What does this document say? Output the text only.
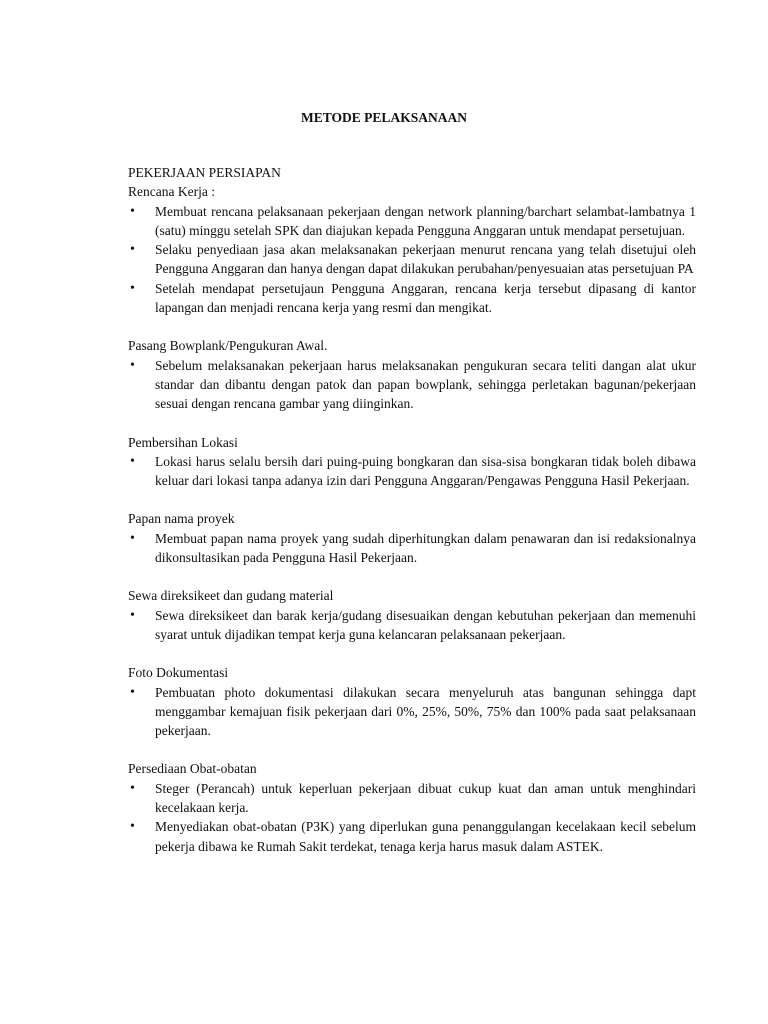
METODE PELAKSANAAN
PEKERJAAN PERSIAPAN
Rencana Kerja :
• Membuat rencana pelaksanaan pekerjaan dengan network planning/barchart selambat-lambatnya 1 (satu) minggu setelah SPK dan diajukan kepada Pengguna Anggaran untuk mendapat persetujuan.
• Selaku penyediaan jasa akan melaksanakan pekerjaan menurut rencana yang telah disetujui oleh Pengguna Anggaran dan hanya dengan dapat dilakukan perubahan/penyesuaian atas persetujuan PA
• Setelah mendapat persetujaun Pengguna Anggaran, rencana kerja tersebut dipasang di kantor lapangan dan menjadi rencana kerja yang resmi dan mengikat.
Pasang Bowplank/Pengukuran Awal.
• Sebelum melaksanakan pekerjaan harus melaksanakan pengukuran secara teliti dangan alat ukur standar dan dibantu dengan patok dan papan bowplank, sehingga perletakan bagunan/pekerjaan sesuai dengan rencana gambar yang diinginkan.
Pembersihan Lokasi
• Lokasi harus selalu bersih dari puing-puing bongkaran dan sisa-sisa bongkaran tidak boleh dibawa keluar dari lokasi tanpa adanya izin dari Pengguna Anggaran/Pengawas Pengguna Hasil Pekerjaan.
Papan nama proyek
• Membuat papan nama proyek yang sudah diperhitungkan dalam penawaran dan isi redaksionalnya dikonsultasikan pada Pengguna Hasil Pekerjaan.
Sewa direksikeet dan gudang material
• Sewa direksikeet dan barak kerja/gudang disesuaikan dengan kebutuhan pekerjaan dan memenuhi syarat untuk dijadikan tempat kerja guna kelancaran pelaksanaan pekerjaan.
Foto Dokumentasi
• Pembuatan photo dokumentasi dilakukan secara menyeluruh atas bangunan sehingga dapt menggambar kemajuan fisik pekerjaan dari 0%, 25%, 50%, 75% dan 100% pada saat pelaksanaan pekerjaan.
Persediaan Obat-obatan
• Steger (Perancah) untuk keperluan pekerjaan dibuat cukup kuat dan aman untuk menghindari kecelakaan kerja.
• Menyediakan obat-obatan (P3K) yang diperlukan guna penanggulangan kecelakaan kecil sebelum pekerja dibawa ke Rumah Sakit terdekat, tenaga kerja harus masuk dalam ASTEK.
